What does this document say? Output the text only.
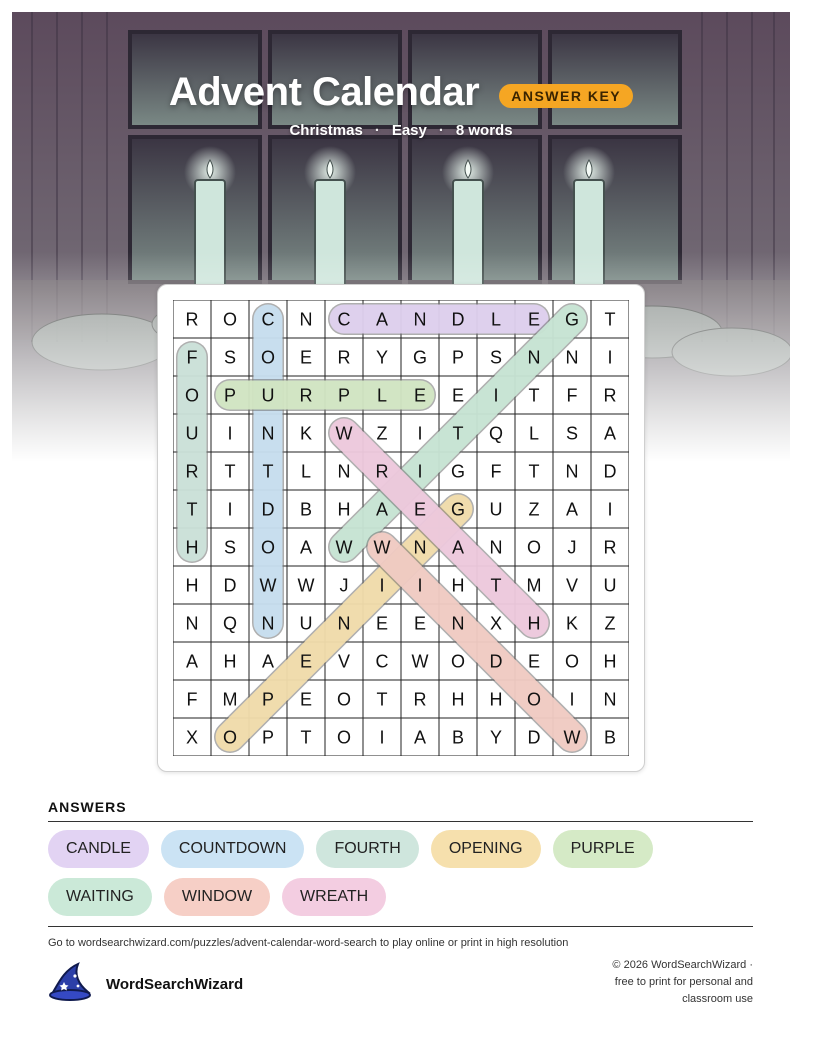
Advent Calendar	ANSWER KEY
Christmas · Easy · 8 words
R O C N C A N D L E G T
F S O E R Y G P S N N I
O P U R P L E E I T F R
U I N K W Z I T Q L S A
R T T L N R I G F T N D
T I D B H A E G U Z A I
H S O A W W N A N O J R
H D W W J I I H T M V U
N Q N U N E E N X H K Z
A H A E V C W O D E O H
F M P E O T R H H O I N
X O P T O I A B Y D W B
ANSWERS
CANDLE	COUNTDOWN	FOURTH	OPENING	PURPLE
WAITING	WINDOW	WREATH
Go to wordsearchwizard.com/puzzles/advent-calendar-word-search to play online or print in high resolution
WordSearchWizard
© 2026 WordSearchWizard ·
free to print for personal and
classroom use
